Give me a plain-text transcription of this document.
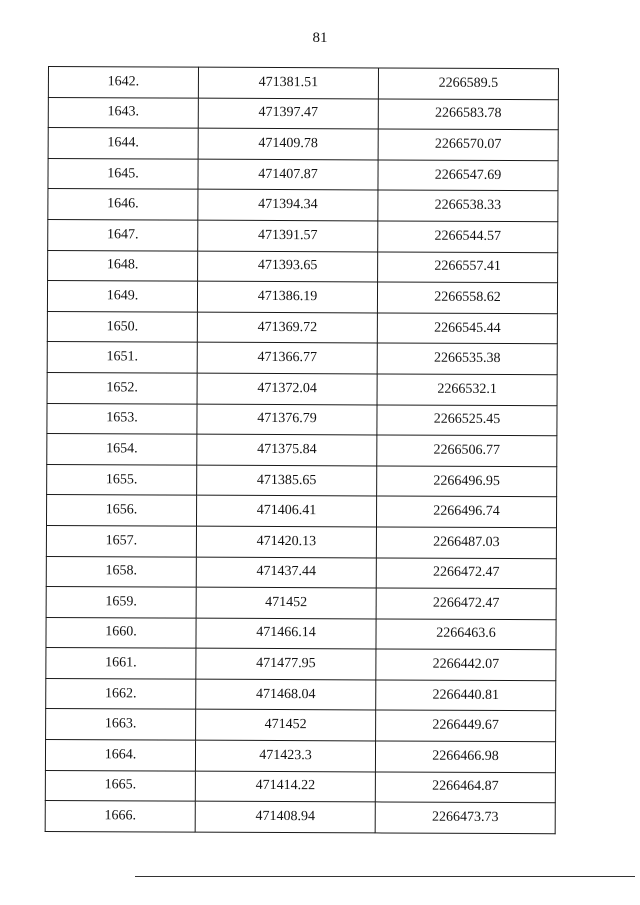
81
1642.	471381.51	2266589.5
1643.	471397.47	2266583.78
1644.	471409.78	2266570.07
1645.	471407.87	2266547.69
1646.	471394.34	2266538.33
1647.	471391.57	2266544.57
1648.	471393.65	2266557.41
1649.	471386.19	2266558.62
1650.	471369.72	2266545.44
1651.	471366.77	2266535.38
1652.	471372.04	2266532.1
1653.	471376.79	2266525.45
1654.	471375.84	2266506.77
1655.	471385.65	2266496.95
1656.	471406.41	2266496.74
1657.	471420.13	2266487.03
1658.	471437.44	2266472.47
1659.	471452	2266472.47
1660.	471466.14	2266463.6
1661.	471477.95	2266442.07
1662.	471468.04	2266440.81
1663.	471452	2266449.67
1664.	471423.3	2266466.98
1665.	471414.22	2266464.87
1666.	471408.94	2266473.73
